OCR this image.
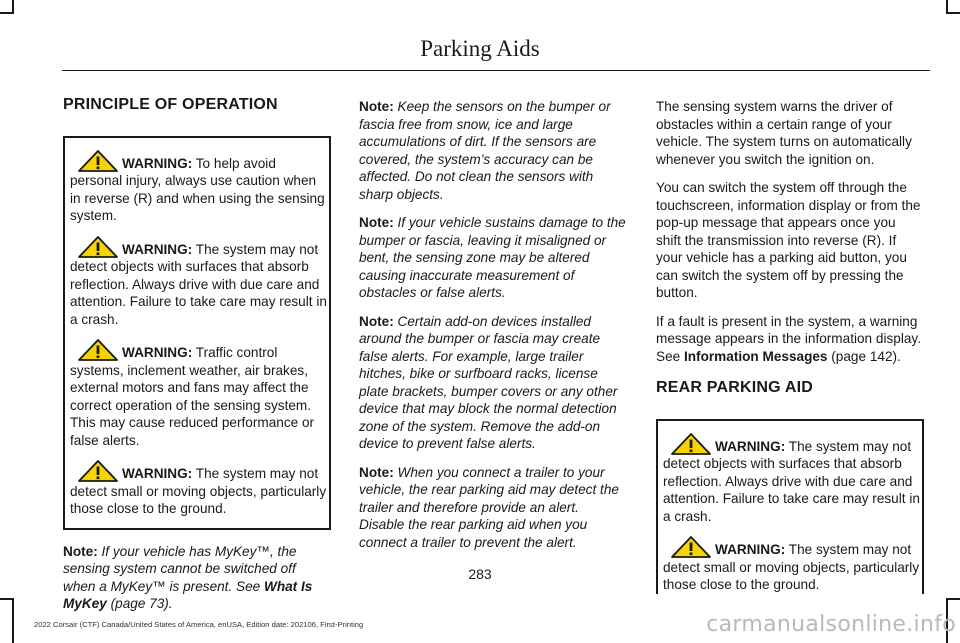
Parking Aids
PRINCIPLE OF OPERATION

WARNING: To help avoid personal injury, always use caution when in reverse (R) and when using the sensing system.

WARNING: The system may not detect objects with surfaces that absorb reflection. Always drive with due care and attention. Failure to take care may result in a crash.

WARNING: Traffic control systems, inclement weather, air brakes, external motors and fans may affect the correct operation of the sensing system. This may cause reduced performance or false alerts.

WARNING: The system may not detect small or moving objects, particularly those close to the ground.

Note: If your vehicle has MyKey™, the sensing system cannot be switched off when a MyKey™ is present. See What Is MyKey (page 73).

Note: Keep the sensors on the bumper or fascia free from snow, ice and large accumulations of dirt. If the sensors are covered, the system’s accuracy can be affected. Do not clean the sensors with sharp objects.

Note: If your vehicle sustains damage to the bumper or fascia, leaving it misaligned or bent, the sensing zone may be altered causing inaccurate measurement of obstacles or false alerts.

Note: Certain add-on devices installed around the bumper or fascia may create false alerts. For example, large trailer hitches, bike or surfboard racks, license plate brackets, bumper covers or any other device that may block the normal detection zone of the system. Remove the add-on device to prevent false alerts.

Note: When you connect a trailer to your vehicle, the rear parking aid may detect the trailer and therefore provide an alert. Disable the rear parking aid when you connect a trailer to prevent the alert.

The sensing system warns the driver of obstacles within a certain range of your vehicle. The system turns on automatically whenever you switch the ignition on.

You can switch the system off through the touchscreen, information display or from the pop-up message that appears once you shift the transmission into reverse (R). If your vehicle has a parking aid button, you can switch the system off by pressing the button.

If a fault is present in the system, a warning message appears in the information display. See Information Messages (page 142).

REAR PARKING AID

WARNING: The system may not detect objects with surfaces that absorb reflection. Always drive with due care and attention. Failure to take care may result in a crash.

WARNING: The system may not detect small or moving objects, particularly those close to the ground.

283
2022 Corsair (CTF) Canada/United States of America, enUSA, Edition date: 202106, First-Printing	carmanualsonline.info
